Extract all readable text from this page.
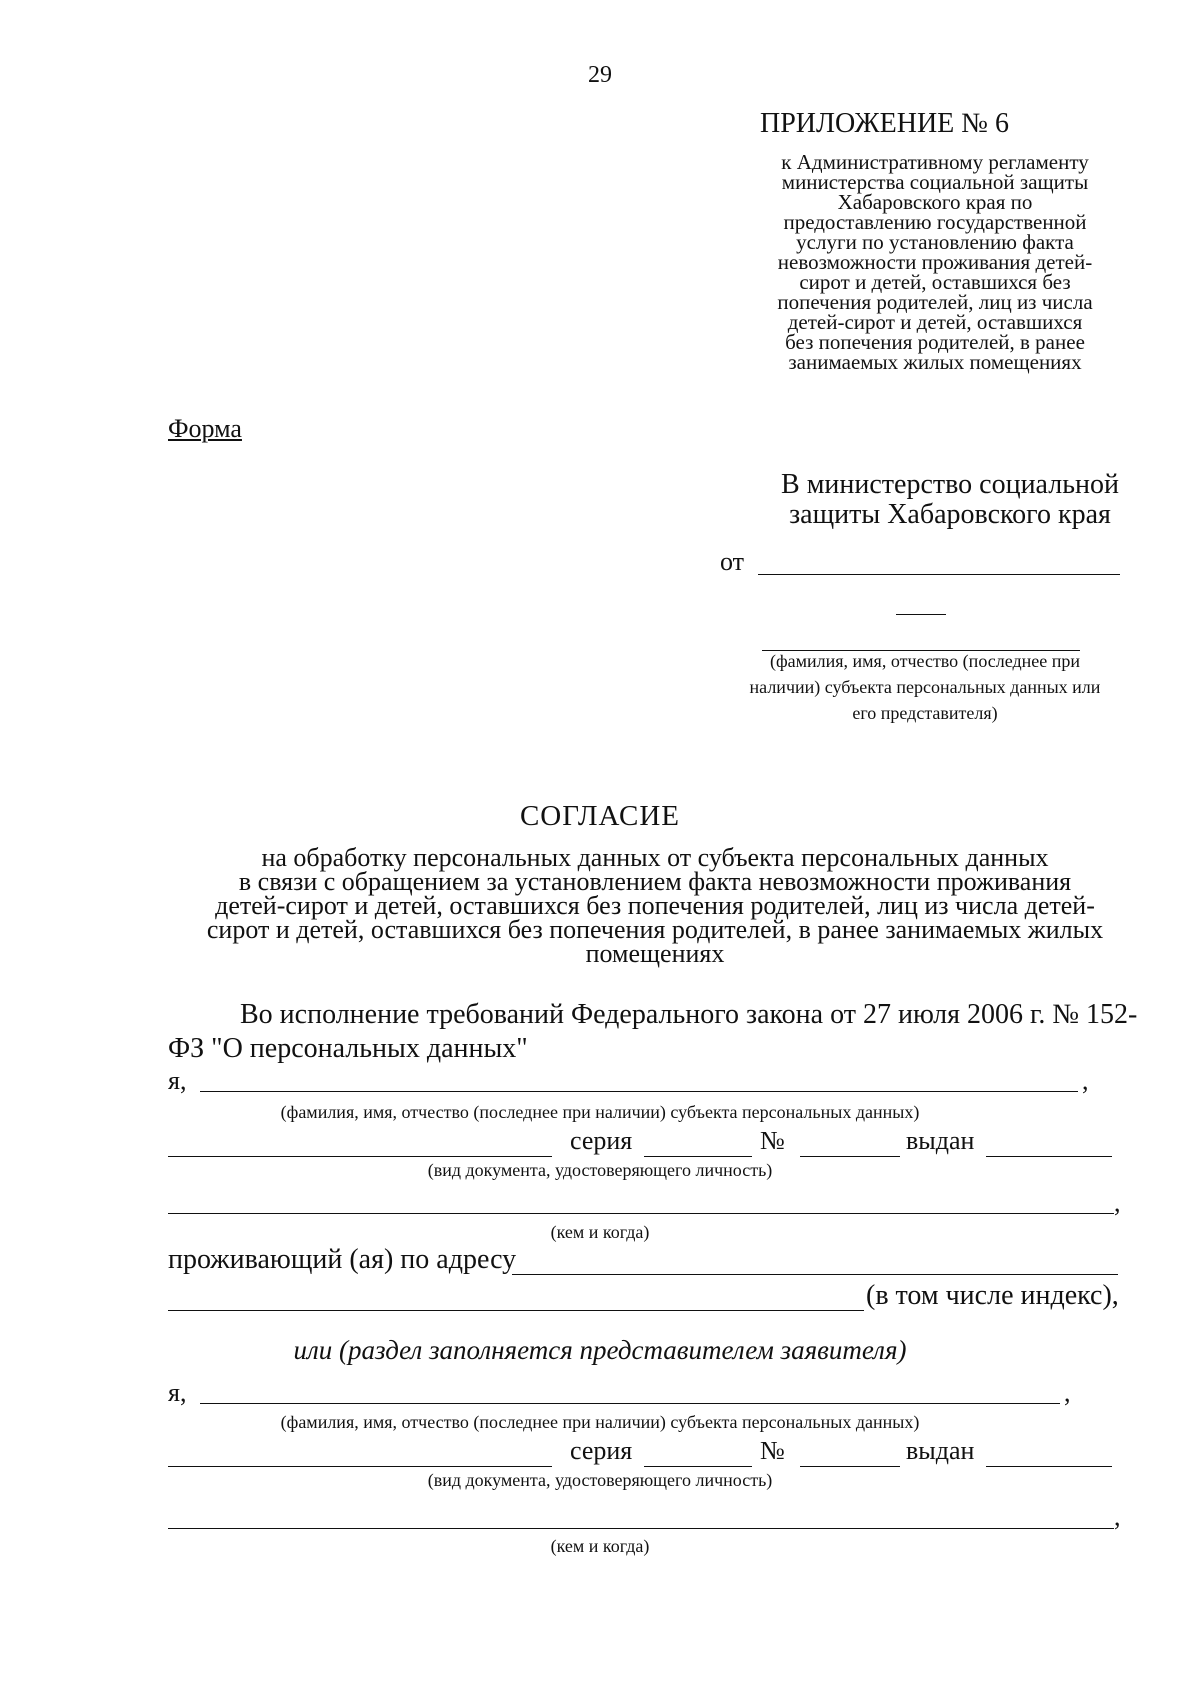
29
ПРИЛОЖЕНИЕ № 6
к Административному регламенту
министерства социальной защиты
Хабаровского края по
предоставлению государственной
услуги по установлению факта
невозможности проживания детей-
сирот и детей, оставшихся без
попечения родителей, лиц из числа
детей-сирот и детей, оставшихся
без попечения родителей, в ранее
занимаемых жилых помещениях
Форма
В министерство социальной
защиты Хабаровского края
от
(фамилия, имя, отчество (последнее при
наличии) субъекта персональных данных или
его представителя)
СОГЛАСИЕ
на обработку персональных данных от субъекта персональных данных
в связи с обращением за установлением факта невозможности проживания
детей-сирот и детей, оставшихся без попечения родителей, лиц из числа детей-
сирот и детей, оставшихся без попечения родителей, в ранее занимаемых жилых
помещениях
Во исполнение требований Федерального закона от 27 июля 2006 г. № 152-
ФЗ "О персональных данных"
я,	,
(фамилия, имя, отчество (последнее при наличии) субъекта персональных данных)
серия	№	выдан
(вид документа, удостоверяющего личность)
,
(кем и когда)
проживающий (ая) по адресу
(в том числе индекс),
или (раздел заполняется представителем заявителя)
я,	,
(фамилия, имя, отчество (последнее при наличии) субъекта персональных данных)
серия	№	выдан
(вид документа, удостоверяющего личность)
,
(кем и когда)
